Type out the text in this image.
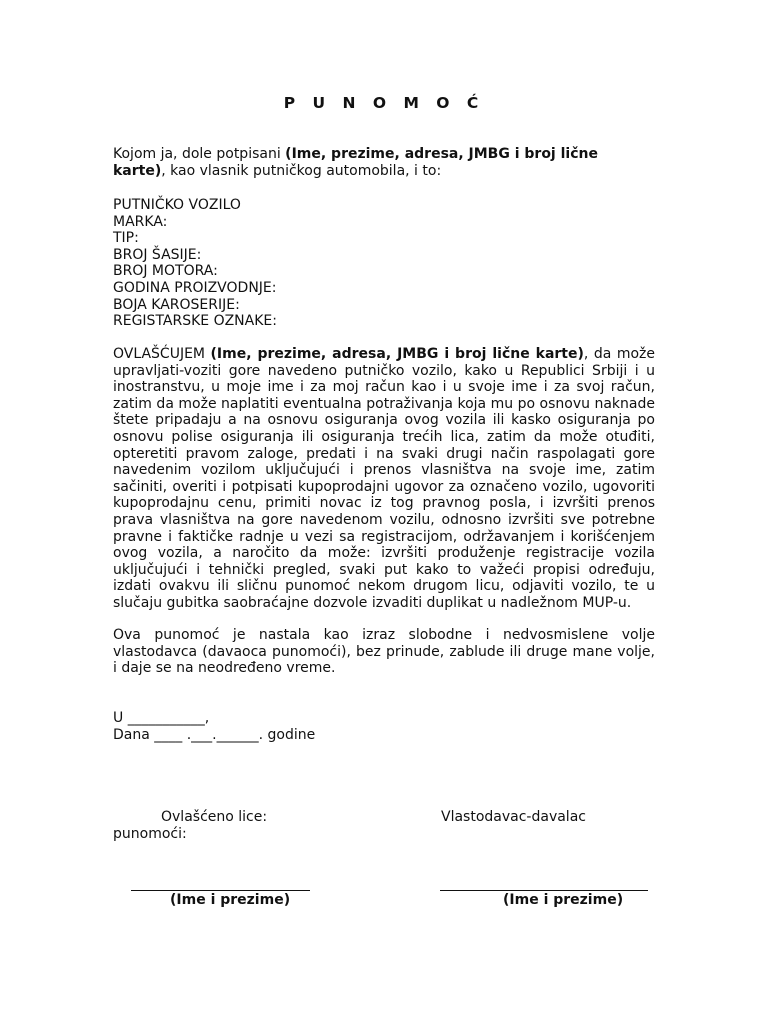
P U N O M O Ć
Kojom ja, dole potpisani (Ime, prezime, adresa, JMBG i broj lične karte), kao vlasnik putničkog automobila, i to:
PUTNIČKO VOZILO
MARKA:
TIP:
BROJ ŠASIJE:
BROJ MOTORA:
GODINA PROIZVODNJE:
BOJA KAROSERIJE:
REGISTARSKE OZNAKE:
OVLAŠĆUJEM (Ime, prezime, adresa, JMBG i broj lične karte), da može upravljati-voziti gore navedeno putničko vozilo, kako u Republici Srbiji i u inostranstvu, u moje ime i za moj račun kao i u svoje ime i za svoj račun, zatim da može naplatiti eventualna potraživanja koja mu po osnovu naknade štete pripadaju a na osnovu osiguranja ovog vozila ili kasko osiguranja po osnovu polise osiguranja ili osiguranja trećih lica, zatim da može otuđiti, opteretiti pravom zaloge, predati i na svaki drugi način raspolagati gore navedenim vozilom uključujući i prenos vlasništva na svoje ime, zatim sačiniti, overiti i potpisati kupoprodajni ugovor za označeno vozilo, ugovoriti kupoprodajnu cenu, primiti novac iz tog pravnog posla, i izvršiti prenos prava vlasništva na gore navedenom vozilu, odnosno izvršiti sve potrebne pravne i faktičke radnje u vezi sa registracijom, održavanjem i korišćenjem ovog vozila, a naročito da može: izvršiti produženje registracije vozila uključujući i tehnički pregled, svaki put kako to važeći propisi određuju, izdati ovakvu ili sličnu punomoć nekom drugom licu, odjaviti vozilo, te u slučaju gubitka saobraćajne dozvole izvaditi duplikat u nadležnom MUP-u.
Ova punomoć je nastala kao izraz slobodne i nedvosmislene volje vlastodavca (davaoca punomoći), bez prinude, zablude ili druge mane volje, i daje se na neodređeno vreme.
U ___________,
Dana ____ .___.______. godine
Ovlašćeno lice:
punomoći:
Vlastodavac-davalac
(Ime i prezime)	(Ime i prezime)
